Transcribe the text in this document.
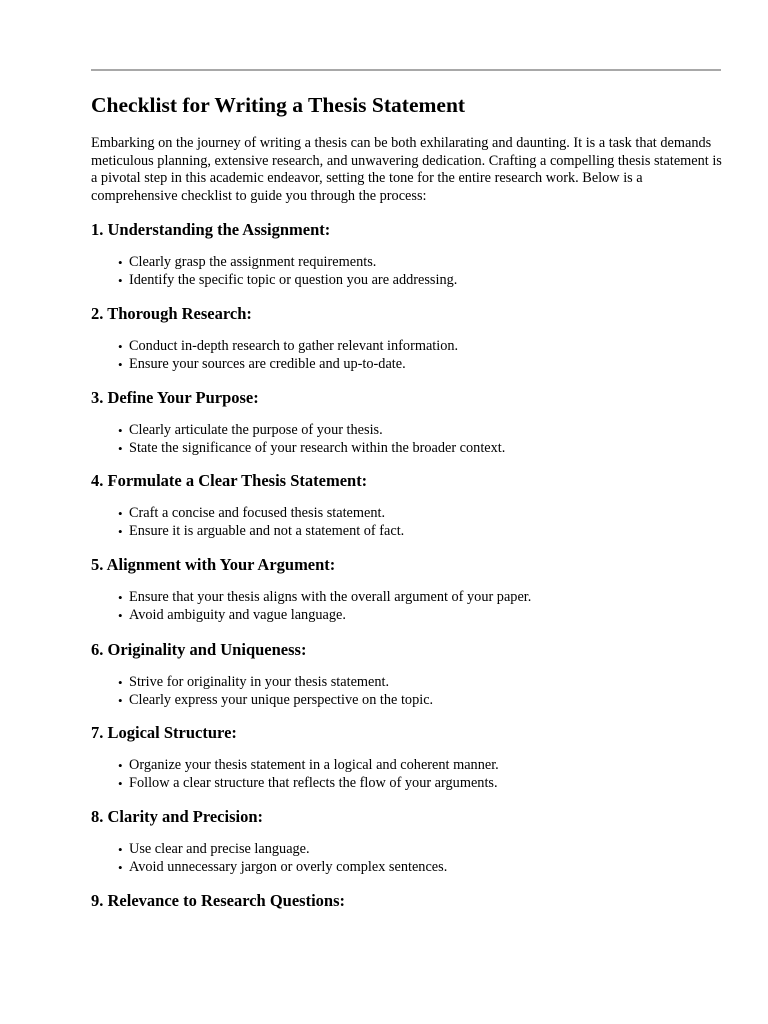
Checklist for Writing a Thesis Statement

Embarking on the journey of writing a thesis can be both exhilarating and daunting. It is a task that demands meticulous planning, extensive research, and unwavering dedication. Crafting a compelling thesis statement is a pivotal step in this academic endeavor, setting the tone for the entire research work. Below is a comprehensive checklist to guide you through the process:

1. Understanding the Assignment:
• Clearly grasp the assignment requirements.
• Identify the specific topic or question you are addressing.
2. Thorough Research:
• Conduct in-depth research to gather relevant information.
• Ensure your sources are credible and up-to-date.
3. Define Your Purpose:
• Clearly articulate the purpose of your thesis.
• State the significance of your research within the broader context.
4. Formulate a Clear Thesis Statement:
• Craft a concise and focused thesis statement.
• Ensure it is arguable and not a statement of fact.
5. Alignment with Your Argument:
• Ensure that your thesis aligns with the overall argument of your paper.
• Avoid ambiguity and vague language.
6. Originality and Uniqueness:
• Strive for originality in your thesis statement.
• Clearly express your unique perspective on the topic.
7. Logical Structure:
• Organize your thesis statement in a logical and coherent manner.
• Follow a clear structure that reflects the flow of your arguments.
8. Clarity and Precision:
• Use clear and precise language.
• Avoid unnecessary jargon or overly complex sentences.
9. Relevance to Research Questions:
